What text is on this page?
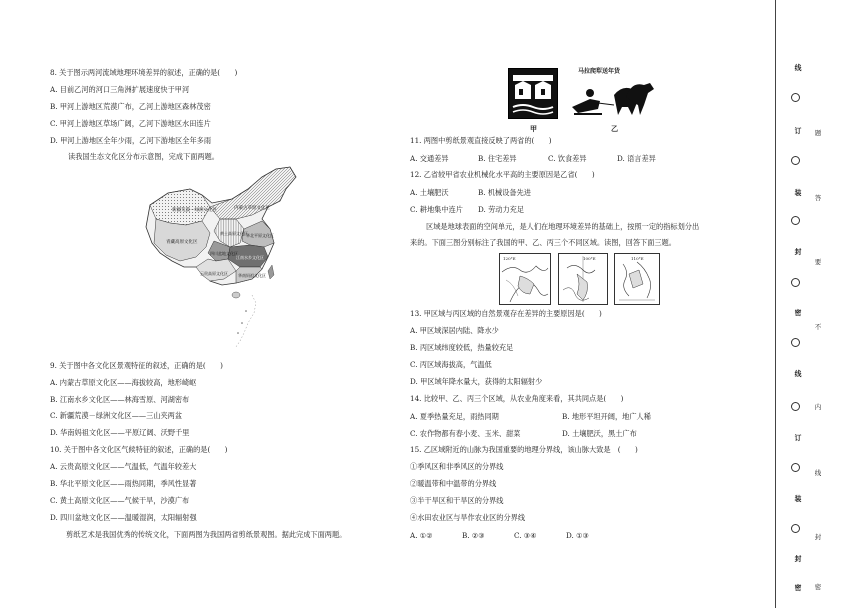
8. 关于图示两河流域地理环境差异的叙述，正确的是(　　)
A. 目前乙河的河口三角洲扩展速度快于甲河
B. 甲河上游地区荒漠广布，乙河上游地区森林茂密
C. 甲河上游地区草场广阔，乙河下游地区水田连片
D. 甲河上游地区全年少雨，乙河下游地区全年多雨
读我国生态文化区分布示意图，完成下面两题。
新疆荒漠－绿洲文化区	内蒙古草原文化区
青藏高原文化区
黄土高原文化区
华北平原文化区
四川盆地文化区
江南水乡文化区
云贵高原文化区	华南妈祖文化区
9. 关于图中各文化区景观特征的叙述，正确的是(　　)
A. 内蒙古草原文化区——海拔较高，地形崎岖
B. 江南水乡文化区——林海雪原、河湖密布
C. 新疆荒漠－绿洲文化区——三山夹两盆
D. 华南妈祖文化区——平原辽阔、沃野千里
10. 关于图中各文化区气候特征的叙述，正确的是(　　)
A. 云贵高原文化区——气温低，气温年较差大
B. 华北平原文化区——雨热同期，季风性显著
C. 黄土高原文化区——气候干旱，沙漠广布
D. 四川盆地文化区——温暖湿润，太阳辐射强
剪纸艺术是我国优秀的传统文化，下面两图为我国两省剪纸景观图。据此完成下面两题。
马拉爬犁送年货
甲	乙
11. 两图中剪纸景观直接反映了两省的(　　)
A. 交通差异	B. 住宅差异	C. 饮食差异	D. 语言差异
12. 乙省较甲省农业机械化水平高的主要原因是乙省(　　)
A. 土壤肥沃	B. 机械设备先进
C. 耕地集中连片 D. 劳动力充足
区域是地球表面的空间单元，是人们在地理环境差异的基础上，按照一定的指标划分出
来的。下面三图分别标注了我国的甲、乙、丙三个不同区域。读图，回答下面三题。
120°E	100°E	110°E
13. 甲区域与丙区域的自然景观存在差异的主要原因是(　　)
A. 甲区域深居内陆、降水少
B. 丙区域纬度较低，热量较充足
C. 丙区域海拔高，气温低
D. 甲区域年降水量大，获得的太阳辐射少
14. 比较甲、乙、丙三个区域，从农业角度来看，其共同点是(　　)
A. 夏季热量充足，雨热同期	B. 地形平坦开阔，地广人稀
C. 农作物都有春小麦、玉米、甜菜	D. 土壤肥沃，黑土广布
15. 乙区域附近的山脉为我国重要的地理分界线，该山脉大致是　(　　)
①季风区和非季风区的分界线
②暖温带和中温带的分界线
③半干旱区和干旱区的分界线
④水田农业区与旱作农业区的分界线
A. ①②	B. ②③	C. ③④	D. ①③
线
订
装
封
密
线
订
装
封
密
题
答
要
不
内
线
封
密
